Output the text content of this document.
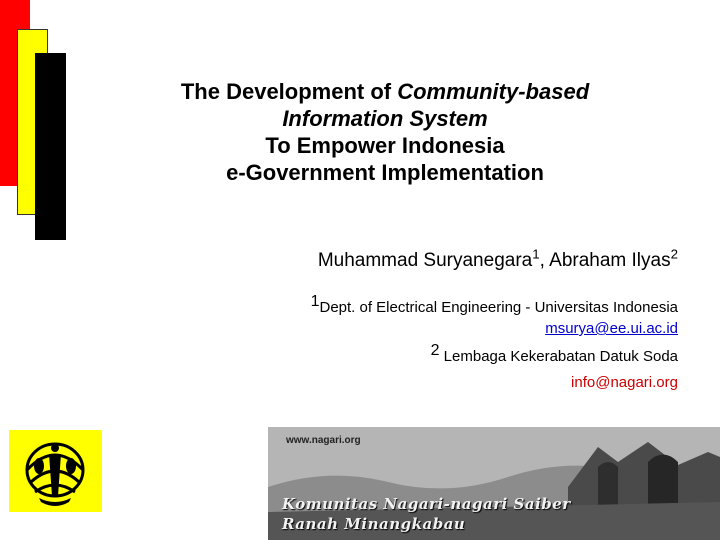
The Development of Community-based
Information System
To Empower Indonesia
e-Government Implementation
Muhammad Suryanegara$^1$, Abraham Ilyas$^2$
$^1$Dept. of Electrical Engineering - Universitas Indonesia
msurya@ee.ui.ac.id
$^2$ Lembaga Kekerabatan Datuk Soda
info@nagari.org
www.nagari.org
Komunitas Nagari-nagari Saiber
Ranah Minangkabau
